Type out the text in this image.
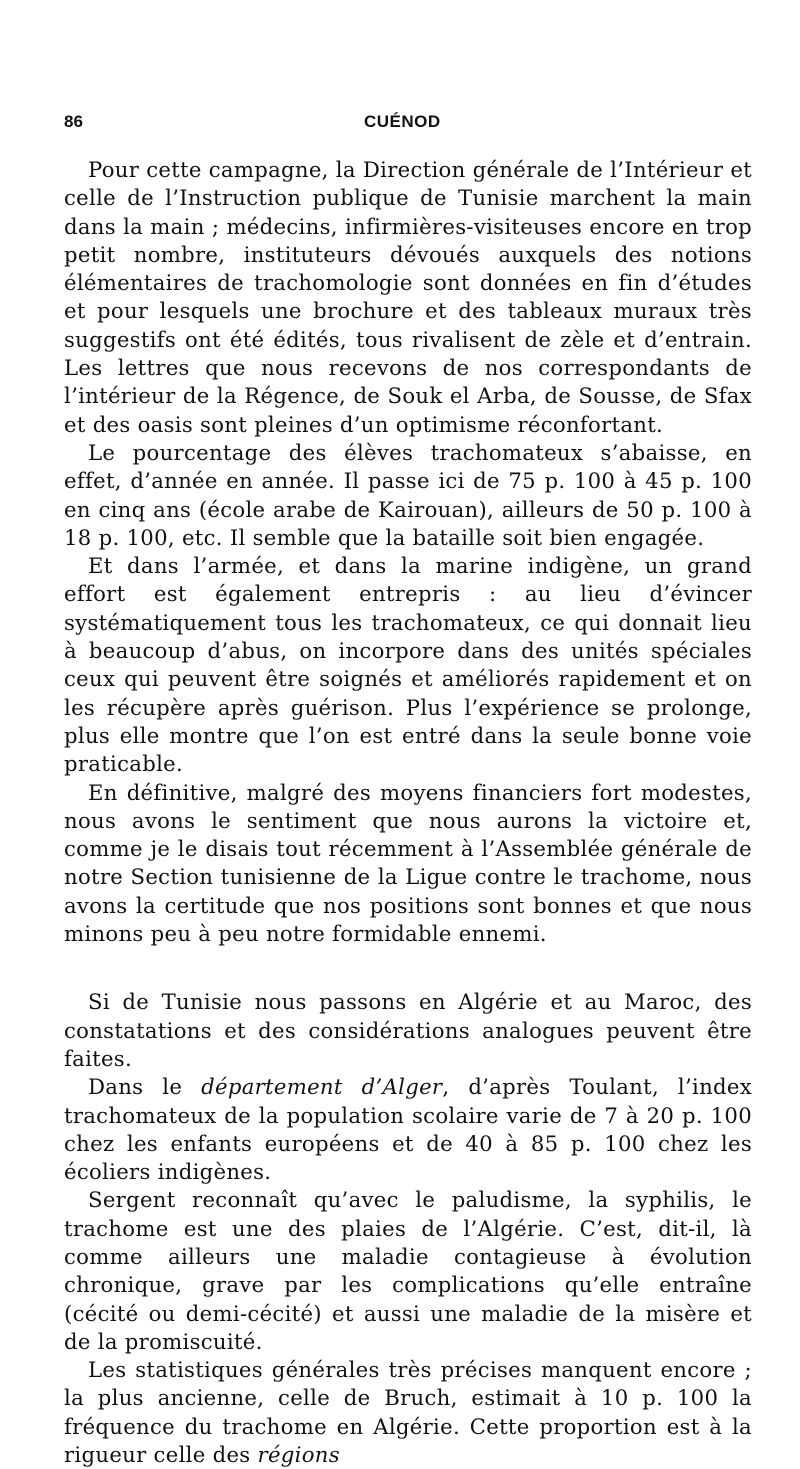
86	CUÉNOD

Pour cette campagne, la Direction générale de l’Intérieur et celle de l’Instruction publique de Tunisie marchent la main dans la main ; médecins, infirmières-visiteuses encore en trop petit nombre, instituteurs dévoués auxquels des notions élémentaires de trachomologie sont données en fin d’études et pour lesquels une brochure et des tableaux muraux très suggestifs ont été édités, tous rivalisent de zèle et d’entrain. Les lettres que nous recevons de nos correspondants de l’intérieur de la Régence, de Souk el Arba, de Sousse, de Sfax et des oasis sont pleines d’un optimisme réconfortant.

Le pourcentage des élèves trachomateux s’abaisse, en effet, d’année en année. Il passe ici de 75 p. 100 à 45 p. 100 en cinq ans (école arabe de Kairouan), ailleurs de 50 p. 100 à 18 p. 100, etc. Il semble que la bataille soit bien engagée.

Et dans l’armée, et dans la marine indigène, un grand effort est également entrepris : au lieu d’évincer systématiquement tous les trachomateux, ce qui donnait lieu à beaucoup d’abus, on incorpore dans des unités spéciales ceux qui peuvent être soignés et améliorés rapidement et on les récupère après guérison. Plus l’expérience se prolonge, plus elle montre que l’on est entré dans la seule bonne voie praticable.

En définitive, malgré des moyens financiers fort modestes, nous avons le sentiment que nous aurons la victoire et, comme je le disais tout récemment à l’Assemblée générale de notre Section tunisienne de la Ligue contre le trachome, nous avons la certitude que nos positions sont bonnes et que nous minons peu à peu notre formidable ennemi.

Si de Tunisie nous passons en Algérie et au Maroc, des constatations et des considérations analogues peuvent être faites.

Dans le département d’Alger, d’après Toulant, l’index trachomateux de la population scolaire varie de 7 à 20 p. 100 chez les enfants européens et de 40 à 85 p. 100 chez les écoliers indigènes.

Sergent reconnaît qu’avec le paludisme, la syphilis, le trachome est une des plaies de l’Algérie. C’est, dit-il, là comme ailleurs une maladie contagieuse à évolution chronique, grave par les complications qu’elle entraîne (cécité ou demi-cécité) et aussi une maladie de la misère et de la promiscuité.

Les statistiques générales très précises manquent encore ; la plus ancienne, celle de Bruch, estimait à 10 p. 100 la fréquence du trachome en Algérie. Cette proportion est à la rigueur celle des régions
